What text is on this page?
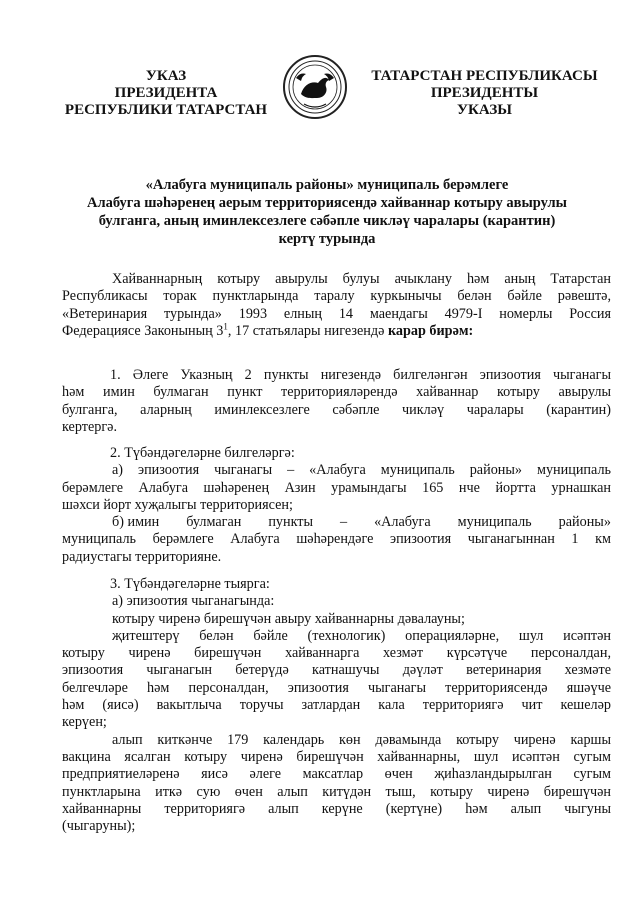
УКАЗ
ПРЕЗИДЕНТА
РЕСПУБЛИКИ ТАТАРСТАН
ТАТАРСТАН РЕСПУБЛИКАСЫ
ПРЕЗИДЕНТЫ
УКАЗЫ
«Алабуга муниципаль районы» муниципаль берәмлеге
Алабуга шәһәренең аерым территориясендә хайваннар котыру авырулы
булганга, аның иминлексезлеге сәбәпле чикләү чаралары (карантин)
кертү турында

Хайваннарның котыру авырулы булуы ачыклану һәм аның Татарстан

Республикасы торак пунктларында таралу куркынычы белән бәйле рәвештә,

«Ветеринария турында» 1993 елның 14 маендагы 4979-I номерлы Россия

Федерациясе Законының $3^1$, 17 статьялары нигезендә карар бирәм:

1. Әлеге Указның 2 пункты нигезендә билгеләнгән эпизоотия чыганагы

һәм имин булмаган пункт территорияләрендә хайваннар котыру авырулы

булганга, аларның иминлексезлеге сәбәпле чикләү чаралары (карантин)

кертергә.

2. Түбәндәгеләрне билгеләргә:

а) эпизоотия чыганагы – «Алабуга муниципаль районы» муниципаль

берәмлеге Алабуга шәһәренең Азин урамындагы 165 нче йортта урнашкан

шәхси йорт хуҗалыгы территориясен;

б) имин булмаган пункты – «Алабуга муниципаль районы»

муниципаль берәмлеге Алабуга шәһәрендәге эпизоотия чыганагыннан 1 км

радиустагы территорияне.

3. Түбәндәгеләрне тыярга:

а) эпизоотия чыганагында:

котыру чиренә бирешүчән авыру хайваннарны дәвалауны;

җитештерү белән бәйле (технологик) операцияләрне, шул исәптән

котыру чиренә бирешүчән хайваннарга хезмәт күрсәтүче персоналдан,

эпизоотия чыганагын бетерүдә катнашучы дәүләт ветеринария хезмәте

белгечләре һәм персоналдан, эпизоотия чыганагы территориясендә яшәүче

һәм (яисә) вакытлыча торучы затлардан кала территориягә чит кешеләр

керүен;

алып киткәнче 179 календарь көн дәвамында котыру чиренә каршы

вакцина ясалган котыру чиренә бирешүчән хайваннарны, шул исәптән сугым

предприятиеләренә яисә әлеге максатлар өчен җиһазландырылган сугым

пунктларына иткә сую өчен алып китүдән тыш, котыру чиренә бирешүчән

хайваннарны территориягә алып керүне (кертүне) һәм алып чыгуны

(чыгаруны);
